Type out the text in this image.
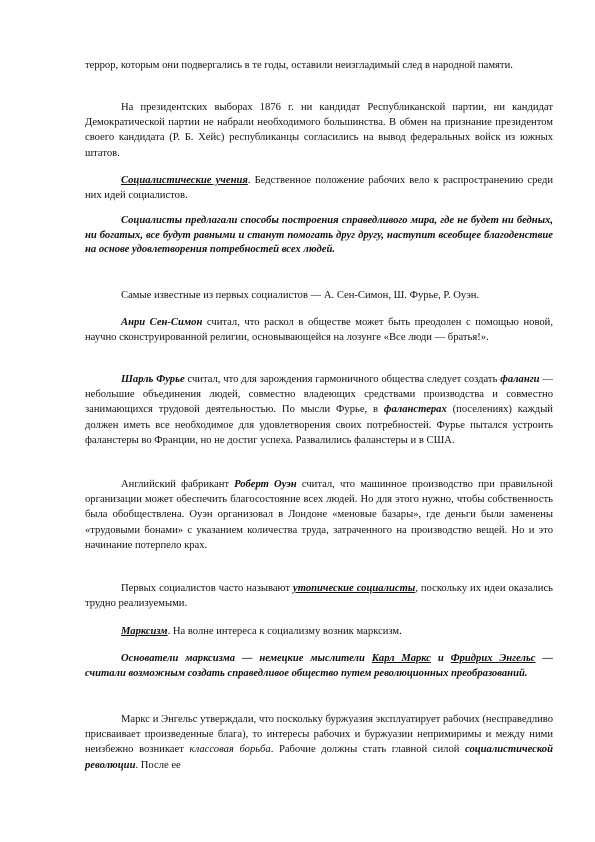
террор, которым они подвергались в те годы, оставили неизгладимый след в народной памяти.

На президентских выборах 1876 г. ни кандидат Республиканской партии, ни кандидат Демократической партии не набрали необходимого большинства. В обмен на признание президентом своего кандидата (Р. Б. Хейс) республиканцы согласились на вывод федеральных войск из южных штатов.

Социалистические учения. Бедственное положение рабочих вело к распространению среди них идей социалистов.

Социалисты предлагали способы построения справедливого мира, где не будет ни бедных, ни богатых, все будут равными и станут помогать друг другу, наступит всеобщее благоденствие на основе удовлетворения потребностей всех людей.

Самые известные из первых социалистов — А. Сен-Симон, Ш. Фурье, Р. Оуэн.

Анри Сен-Симон считал, что раскол в обществе может быть преодолен с помощью новой, научно сконструированной религии, основывающейся на лозунге «Все люди — братья!».

Шарль Фурье считал, что для зарождения гармоничного общества следует создать фаланги — небольшие объединения людей, совместно владеющих средствами производства и совместно занимающихся трудовой деятельностью. По мысли Фурье, в фаланстерах (поселениях) каждый должен иметь все необходимое для удовлетворения своих потребностей. Фурье пытался устроить фаланстеры во Франции, но не достиг успеха. Развалились фаланстеры и в США.

Английский фабрикант Роберт Оуэн считал, что машинное производство при правильной организации может обеспечить благосостояние всех людей. Но для этого нужно, чтобы собственность была обобществлена. Оуэн организовал в Лондоне «меновые базары», где деньги были заменены «трудовыми бонами» с указанием количества труда, затраченного на производство вещей. Но и это начинание потерпело крах.

Первых социалистов часто называют утопические социалисты, поскольку их идеи оказались трудно реализуемыми.

Марксизм. На волне интереса к социализму возник марксизм.

Основатели марксизма — немецкие мыслители Карл Маркс и Фридрих Энгельс — считали возможным создать справедливое общество путем революционных преобразований.

Маркс и Энгельс утверждали, что поскольку буржуазия эксплуатирует рабочих (несправедливо присваивает произведенные блага), то интересы рабочих и буржуазии непримиримы и между ними неизбежно возникает классовая борьба. Рабочие должны стать главной силой социалистической революции. После ее
